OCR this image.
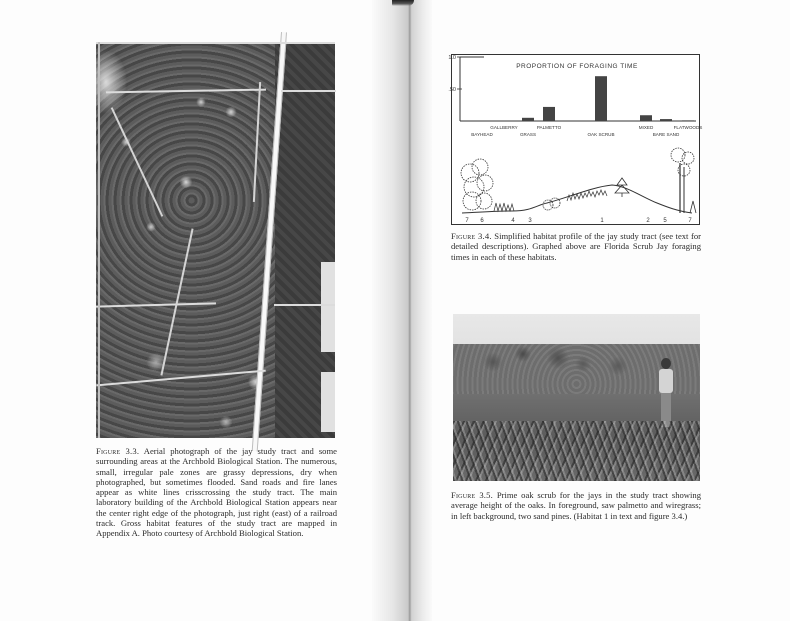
Figure 3.3. Aerial photograph of the jay study tract and some surrounding areas at the Archbold Biological Station. The numerous, small, irregular pale zones are grassy depressions, dry when photographed, but sometimes flooded. Sand roads and fire lanes appear as white lines crisscrossing the study tract. The main laboratory building of the Archbold Biological Station appears near the center right edge of the photograph, just right (east) of a railroad track. Gross habitat features of the study tract are mapped in Appendix A. Photo courtesy of Archbold Biological Station.

.50
1.0
PROPORTION OF FORAGING TIME
BAYHEAD
GALLBERRY
GRASS
PALMETTO
OAK SCRUB
MIXED
BARE SAND
FLATWOODS
7 6	4 3	1	2 5	7

Figure 3.4. Simplified habitat profile of the jay study tract (see text for detailed descriptions). Graphed above are Florida Scrub Jay foraging times in each of these habitats.

Figure 3.5. Prime oak scrub for the jays in the study tract showing average height of the oaks. In foreground, saw palmetto and wiregrass; in left background, two sand pines. (Habitat 1 in text and figure 3.4.)
